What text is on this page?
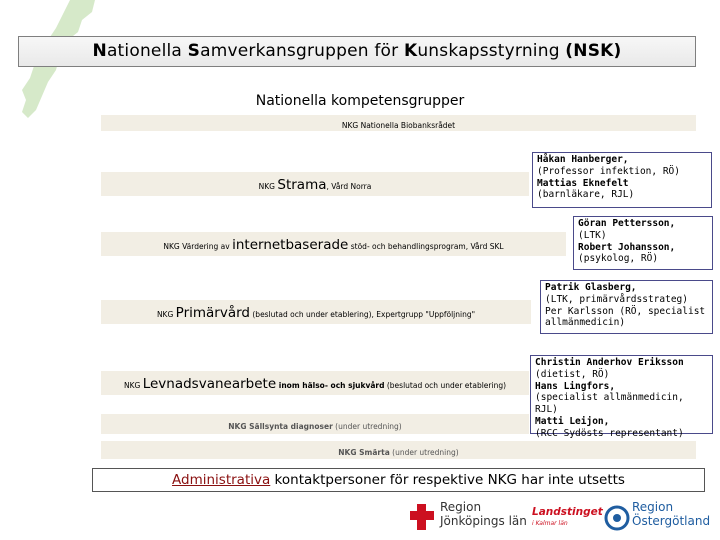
Nationella Samverkansgruppen för Kunskapsstyrning (NSK)
Nationella kompetensgrupper
NKG Nationella Biobanksrådet
NKG Strama, Vård Norra
NKG Värdering av internetbaserade stöd- och behandlingsprogram, Vård SKL
NKG Primärvård (beslutad och under etablering), Expertgrupp "Uppföljning"
NKG Levnadsvanearbete inom hälso- och sjukvård (beslutad och under etablering)
NKG Sällsynta diagnoser (under utredning)
NKG Smärta (under utredning)
Håkan Hanberger,
(Professor infektion, RÖ)
Mattias Eknefelt
(barnläkare, RJL)
Göran Pettersson,
(LTK)
Robert Johansson,
(psykolog, RÖ)
Patrik Glasberg,
(LTK, primärvårdsstrateg)
Per Karlsson (RÖ, specialist
allmänmedicin)
Christin Anderhov Eriksson
(dietist, RÖ)
Hans Lingfors,
(specialist allmänmedicin, RJL)
Matti Leijon,
(RCC Sydösts representant)
Administrativa kontaktpersoner för respektive NKG har inte utsetts
Region
Jönköpings län
Landstinget
i Kalmar län
Region
Östergötland
